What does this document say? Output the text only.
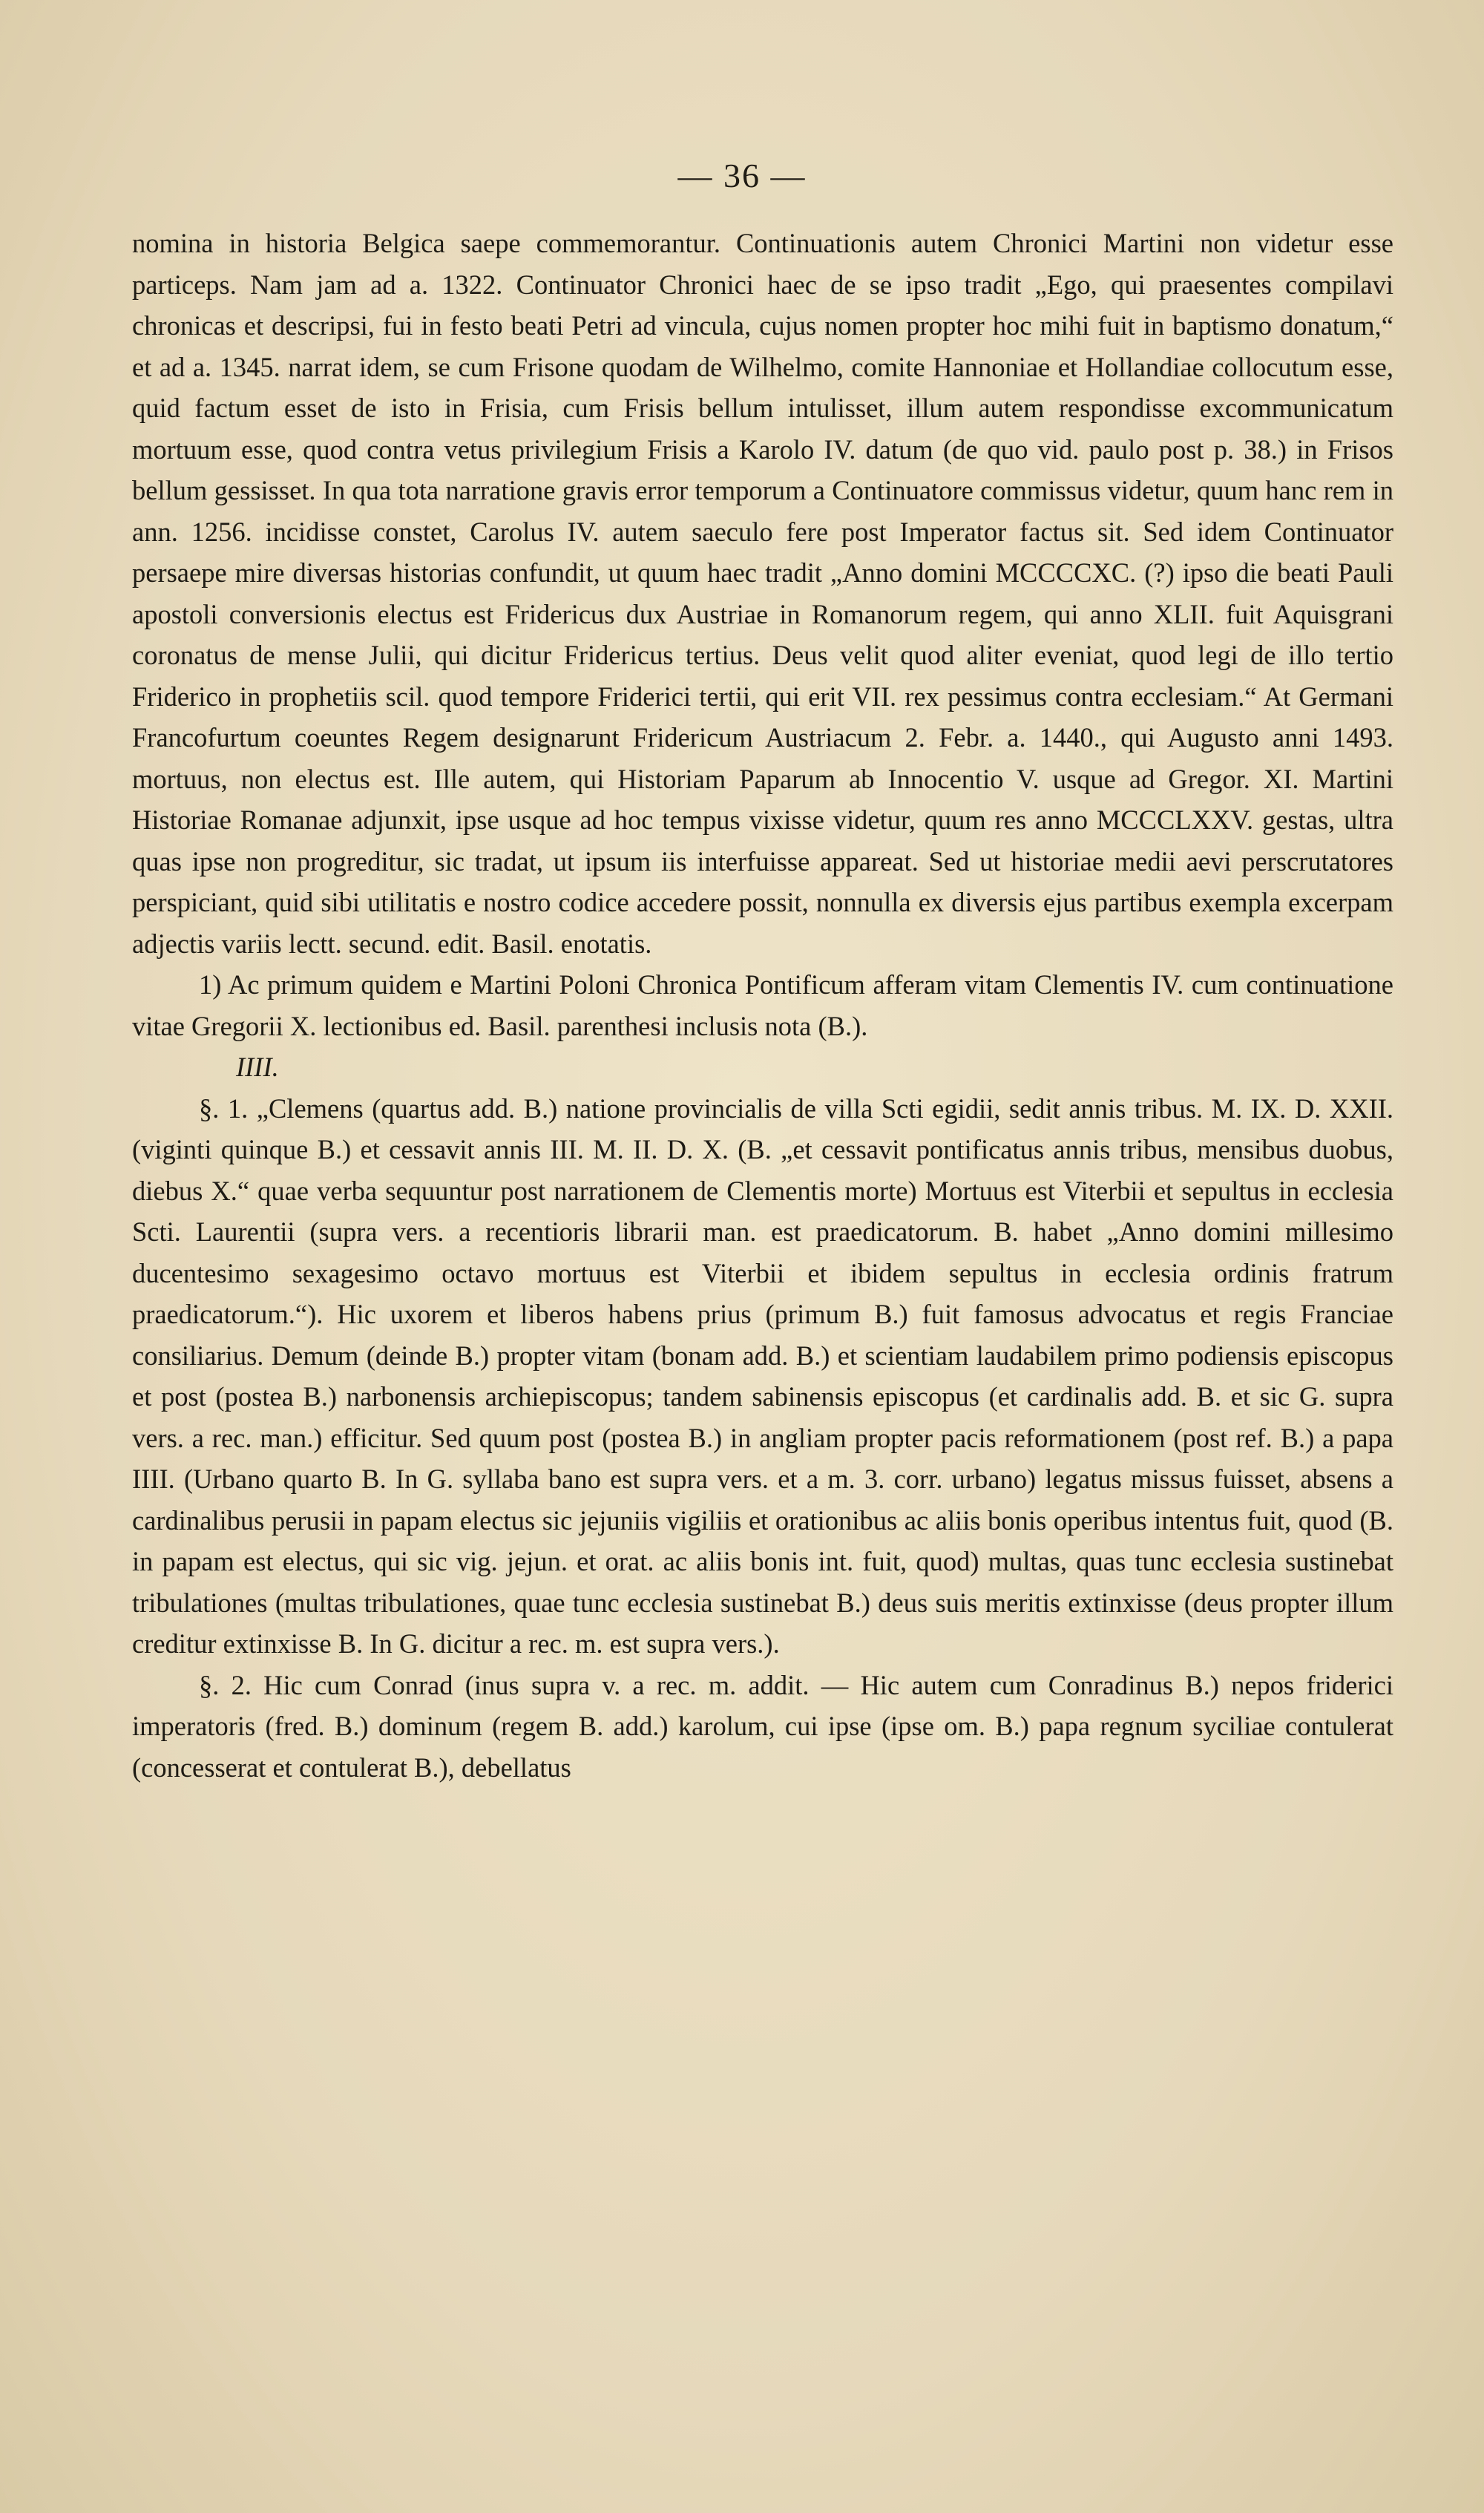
— 36 —

nomina in historia Belgica saepe commemorantur. Continuationis autem Chronici Martini non videtur esse particeps. Nam jam ad a. 1322. Continuator Chronici haec de se ipso tradit „Ego, qui praesentes compilavi chronicas et descripsi, fui in festo beati Petri ad vincula, cujus nomen propter hoc mihi fuit in baptismo donatum,“ et ad a. 1345. narrat idem, se cum Frisone quodam de Wilhelmo, comite Hannoniae et Hollandiae collocutum esse, quid factum esset de isto in Frisia, cum Frisis bellum intulisset, illum autem respondisse excommunicatum mortuum esse, quod contra vetus privilegium Frisis a Karolo IV. datum (de quo vid. paulo post p. 38.) in Frisos bellum gessisset. In qua tota narratione gravis error temporum a Continuatore commissus videtur, quum hanc rem in ann. 1256. incidisse constet, Carolus IV. autem saeculo fere post Imperator factus sit. Sed idem Continuator persaepe mire diversas historias confundit, ut quum haec tradit „Anno domini MCCCCXC. (?) ipso die beati Pauli apostoli conversionis electus est Fridericus dux Austriae in Romanorum regem, qui anno XLII. fuit Aquisgrani coronatus de mense Julii, qui dicitur Fridericus tertius. Deus velit quod aliter eveniat, quod legi de illo tertio Friderico in prophetiis scil. quod tempore Friderici tertii, qui erit VII. rex pessimus contra ecclesiam.“ At Germani Francofurtum coeuntes Regem designarunt Fridericum Austriacum 2. Febr. a. 1440., qui Augusto anni 1493. mortuus, non electus est. Ille autem, qui Historiam Paparum ab Innocentio V. usque ad Gregor. XI. Martini Historiae Romanae adjunxit, ipse usque ad hoc tempus vixisse videtur, quum res anno MCCCLXXV. gestas, ultra quas ipse non progreditur, sic tradat, ut ipsum iis interfuisse appareat. Sed ut historiae medii aevi perscrutatores perspiciant, quid sibi utilitatis e nostro codice accedere possit, nonnulla ex diversis ejus partibus exempla excerpam adjectis variis lectt. secund. edit. Basil. enotatis.

1) Ac primum quidem e Martini Poloni Chronica Pontificum afferam vitam Clementis IV. cum continuatione vitae Gregorii X. lectionibus ed. Basil. parenthesi inclusis nota (B.).

IIII.

§. 1. „Clemens (quartus add. B.) natione provincialis de villa Scti egidii, sedit annis tribus. M. IX. D. XXII. (viginti quinque B.) et cessavit annis III. M. II. D. X. (B. „et cessavit pontificatus annis tribus, mensibus duobus, diebus X.“ quae verba sequuntur post narrationem de Clementis morte) Mortuus est Viterbii et sepultus in ecclesia Scti. Laurentii (supra vers. a recentioris librarii man. est praedicatorum. B. habet „Anno domini millesimo ducentesimo sexagesimo octavo mortuus est Viterbii et ibidem sepultus in ecclesia ordinis fratrum praedicatorum.“). Hic uxorem et liberos habens prius (primum B.) fuit famosus advocatus et regis Franciae consiliarius. Demum (deinde B.) propter vitam (bonam add. B.) et scientiam laudabilem primo podiensis episcopus et post (postea B.) narbonensis archiepiscopus; tandem sabinensis episcopus (et cardinalis add. B. et sic G. supra vers. a rec. man.) efficitur. Sed quum post (postea B.) in angliam propter pacis reformationem (post ref. B.) a papa IIII. (Urbano quarto B. In G. syllaba bano est supra vers. et a m. 3. corr. urbano) legatus missus fuisset, absens a cardinalibus perusii in papam electus sic jejuniis vigiliis et orationibus ac aliis bonis operibus intentus fuit, quod (B. in papam est electus, qui sic vig. jejun. et orat. ac aliis bonis int. fuit, quod) multas, quas tunc ecclesia sustinebat tribulationes (multas tribulationes, quae tunc ecclesia sustinebat B.) deus suis meritis extinxisse (deus propter illum creditur extinxisse B. In G. dicitur a rec. m. est supra vers.).

§. 2. Hic cum Conrad (inus supra v. a rec. m. addit. — Hic autem cum Conradinus B.) nepos friderici imperatoris (fred. B.) dominum (regem B. add.) karolum, cui ipse (ipse om. B.) papa regnum syciliae contulerat (concesserat et contulerat B.), debellatus
